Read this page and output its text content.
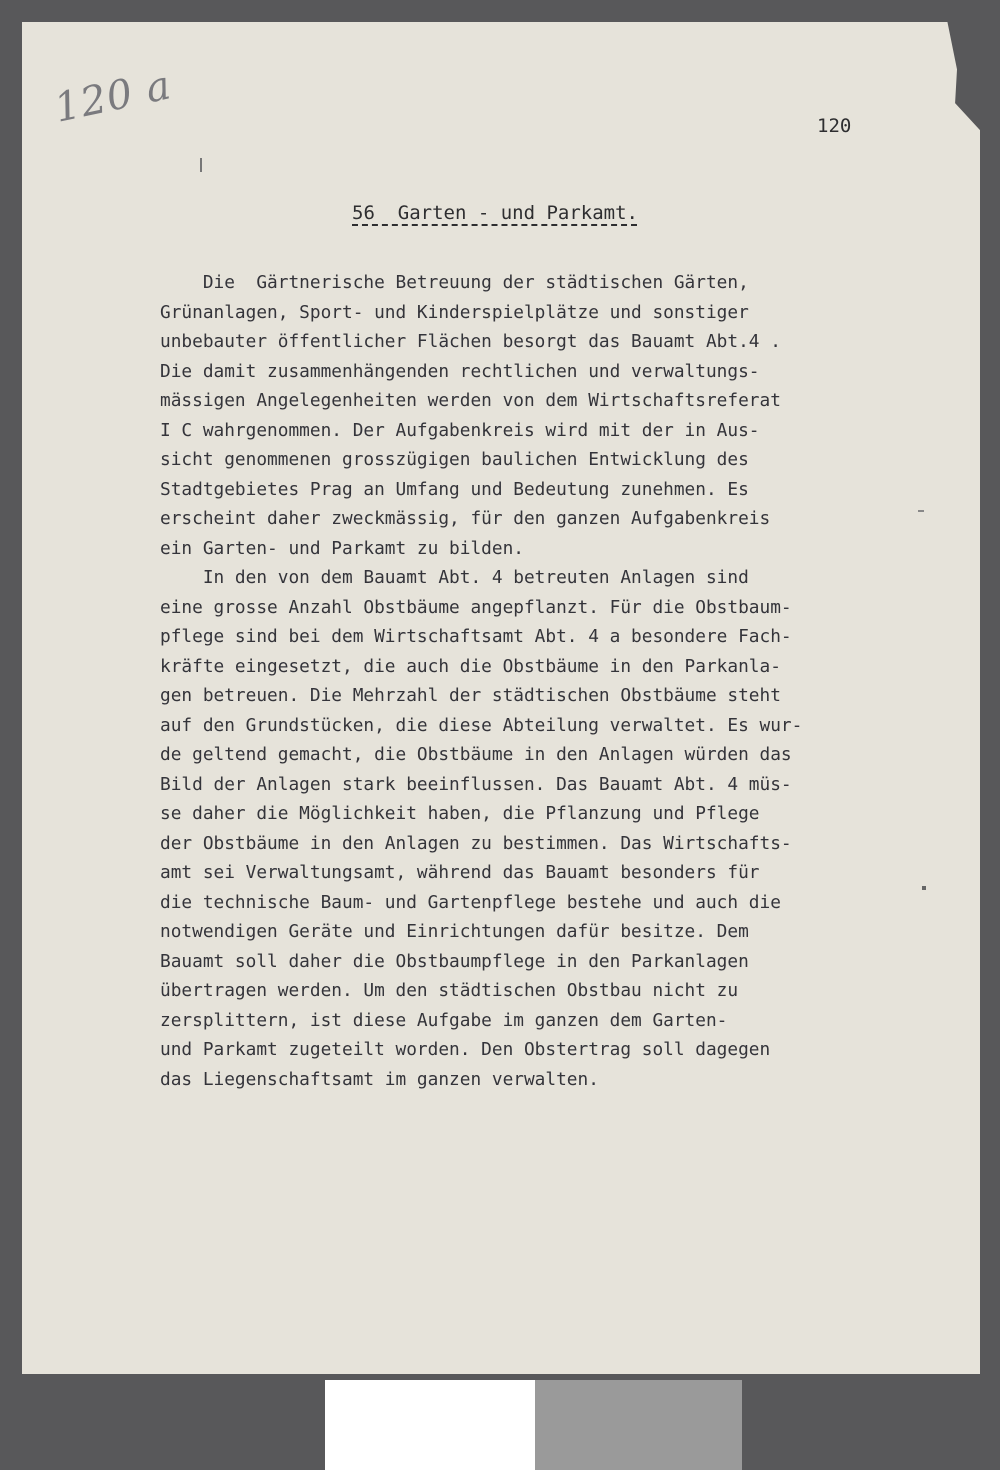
120 a	120
56  Garten - und Parkamt.
Die  Gärtnerische Betreuung der städtischen Gärten,
Grünanlagen, Sport- und Kinderspielplätze und sonstiger
unbebauter öffentlicher Flächen besorgt das Bauamt Abt.4 .
Die damit zusammenhängenden rechtlichen und verwaltungs-
mässigen Angelegenheiten werden von dem Wirtschaftsreferat
I C wahrgenommen. Der Aufgabenkreis wird mit der in Aus-
sicht genommenen grosszügigen baulichen Entwicklung des
Stadtgebietes Prag an Umfang und Bedeutung zunehmen. Es
erscheint daher zweckmässig, für den ganzen Aufgabenkreis
ein Garten- und Parkamt zu bilden.
In den von dem Bauamt Abt. 4 betreuten Anlagen sind
eine grosse Anzahl Obstbäume angepflanzt. Für die Obstbaum-
pflege sind bei dem Wirtschaftsamt Abt. 4 a besondere Fach-
kräfte eingesetzt, die auch die Obstbäume in den Parkanla-
gen betreuen. Die Mehrzahl der städtischen Obstbäume steht
auf den Grundstücken, die diese Abteilung verwaltet. Es wur-
de geltend gemacht, die Obstbäume in den Anlagen würden das
Bild der Anlagen stark beeinflussen. Das Bauamt Abt. 4 müs-
se daher die Möglichkeit haben, die Pflanzung und Pflege
der Obstbäume in den Anlagen zu bestimmen. Das Wirtschafts-
amt sei Verwaltungsamt, während das Bauamt besonders für
die technische Baum- und Gartenpflege bestehe und auch die
notwendigen Geräte und Einrichtungen dafür besitze. Dem
Bauamt soll daher die Obstbaumpflege in den Parkanlagen
übertragen werden. Um den städtischen Obstbau nicht zu
zersplittern, ist diese Aufgabe im ganzen dem Garten-
und Parkamt zugeteilt worden. Den Obstertrag soll dagegen
das Liegenschaftsamt im ganzen verwalten.
